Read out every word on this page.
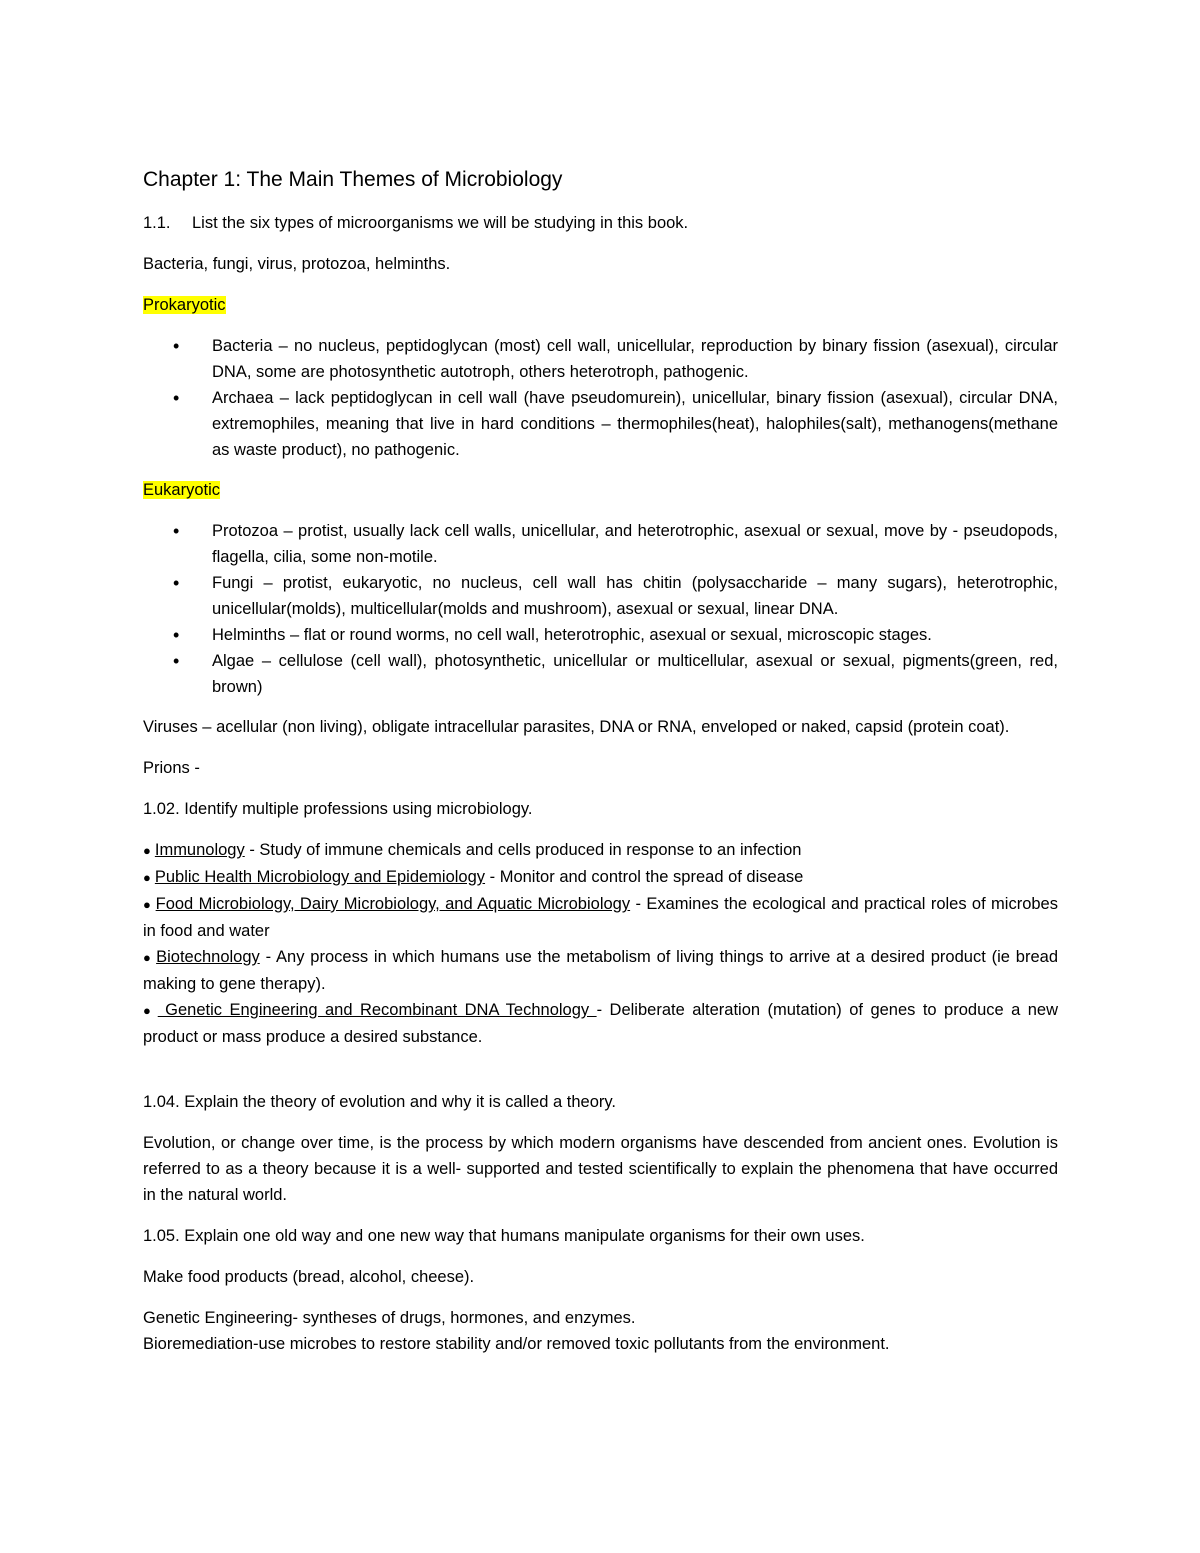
Chapter 1: The Main Themes of Microbiology

1.1. List the six types of microorganisms we will be studying in this book.

Bacteria, fungi, virus, protozoa, helminths.

Prokaryotic

• Bacteria – no nucleus, peptidoglycan (most) cell wall, unicellular, reproduction by binary fission (asexual), circular DNA, some are photosynthetic autotroph, others heterotroph, pathogenic.
• Archaea – lack peptidoglycan in cell wall (have pseudomurein), unicellular, binary fission (asexual), circular DNA, extremophiles, meaning that live in hard conditions – thermophiles(heat), halophiles(salt), methanogens(methane as waste product), no pathogenic.

Eukaryotic

• Protozoa – protist, usually lack cell walls, unicellular, and heterotrophic, asexual or sexual, move by - pseudopods, flagella, cilia, some non-motile.
• Fungi – protist, eukaryotic, no nucleus, cell wall has chitin (polysaccharide – many sugars), heterotrophic, unicellular(molds), multicellular(molds and mushroom), asexual or sexual, linear DNA.
• Helminths – flat or round worms, no cell wall, heterotrophic, asexual or sexual, microscopic stages.
• Algae – cellulose (cell wall), photosynthetic, unicellular or multicellular, asexual or sexual, pigments(green, red, brown)

Viruses – acellular (non living), obligate intracellular parasites, DNA or RNA, enveloped or naked, capsid (protein coat).

Prions -

1.02. Identify multiple professions using microbiology.

● Immunology - Study of immune chemicals and cells produced in response to an infection
● Public Health Microbiology and Epidemiology - Monitor and control the spread of disease
● Food Microbiology, Dairy Microbiology, and Aquatic Microbiology - Examines the ecological and practical roles of microbes in food and water
● Biotechnology - Any process in which humans use the metabolism of living things to arrive at a desired product (ie bread making to gene therapy).
● Genetic Engineering and Recombinant DNA Technology - Deliberate alteration (mutation) of genes to produce a new product or mass produce a desired substance.

1.04. Explain the theory of evolution and why it is called a theory.

Evolution, or change over time, is the process by which modern organisms have descended from ancient ones. Evolution is referred to as a theory because it is a well- supported and tested scientifically to explain the phenomena that have occurred in the natural world.

1.05. Explain one old way and one new way that humans manipulate organisms for their own uses.

Make food products (bread, alcohol, cheese).

Genetic Engineering- syntheses of drugs, hormones, and enzymes.

Bioremediation-use microbes to restore stability and/or removed toxic pollutants from the environment.
